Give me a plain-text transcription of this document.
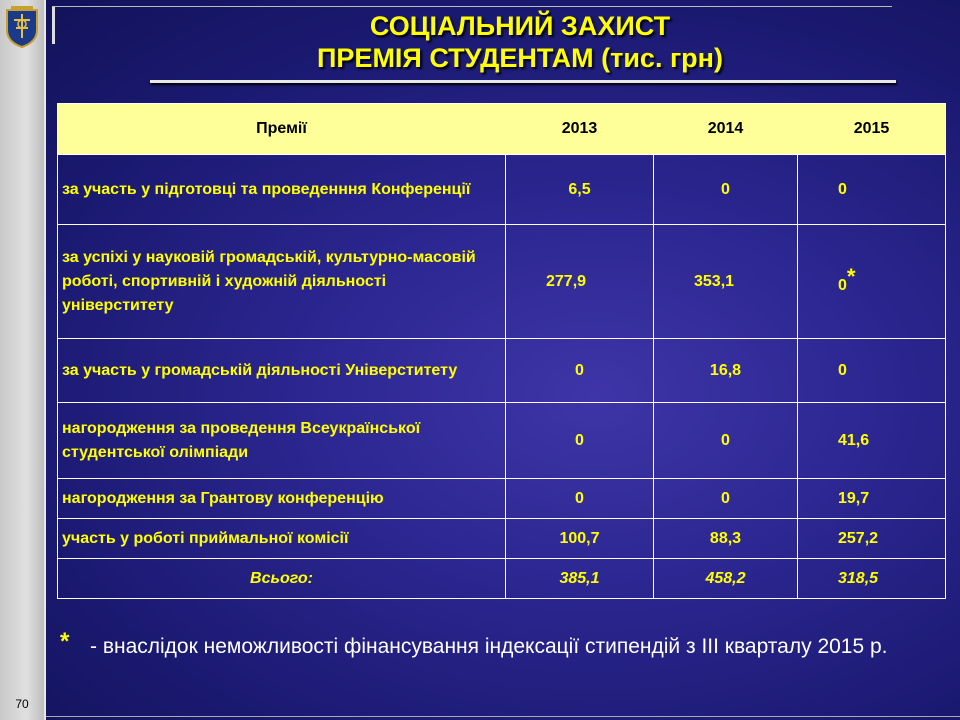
70
СОЦІАЛЬНИЙ ЗАХИСТ
ПРЕМІЯ СТУДЕНТАМ (тис. грн)
Премії	2013	2014	2015
за участь у підготовці та проведенння Конференції	6,5	0	0
за успіхі у науковій громадській, культурно-масовій роботі, спортивній і художній діяльності універститету	277,9	353,1	0*
за участь у громадській діяльності Універститету	0	16,8	0
нагородження за проведення Всеукраїнської студентської олімпіади	0	0	41,6
нагородження за Грантову конференцію	0	0	19,7
участь у роботі приймальної комісії	100,7	88,3	257,2
Всього:	385,1	458,2	318,5
* - внаслідок неможливості фінансування індексації стипендій з ІІІ кварталу 2015 р.
